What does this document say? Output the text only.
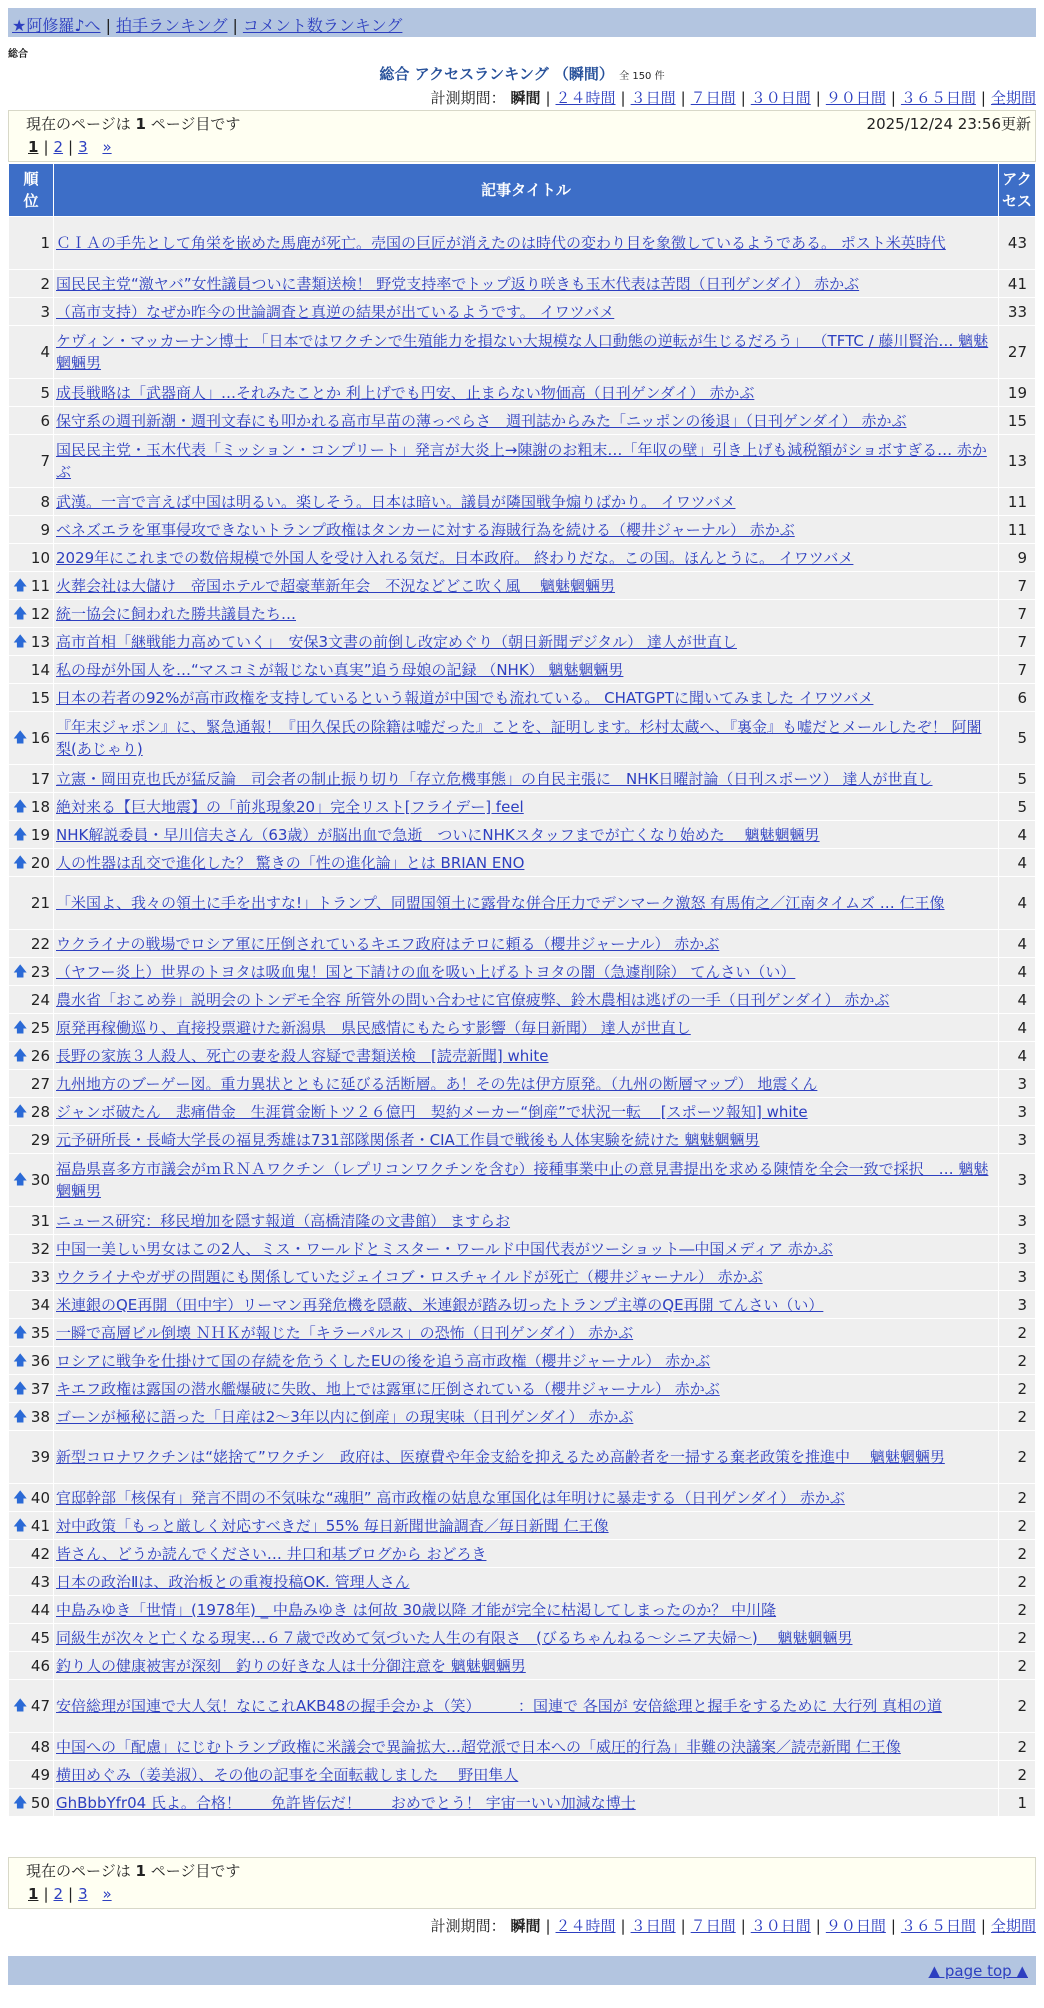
★阿修羅♪へ | 拍手ランキング | コメント数ランキング
総合
総合 アクセスランキング （瞬間） 全 150 件
計測期間： 瞬間 | ２４時間 | ３日間 | ７日間 | ３０日間 | ９０日間 | ３６５日間 | 全期間
現在のページは 1 ページ目です	2025/12/24 23:56更新
1 | 2 | 3 »
順位	記事タイトル	アクセス
1	ＣＩＡの手先として角栄を嵌めた馬鹿が死亡。売国の巨匠が消えたのは時代の変わり目を象徴しているようである。 ポスト米英時代	43
2	国民民主党“激ヤバ”女性議員ついに書類送検！ 野党支持率でトップ返り咲きも玉木代表は苦悶（日刊ゲンダイ） 赤かぶ	41
3	（高市支持）なぜか昨今の世論調査と真逆の結果が出ているようです。 イワツバメ	33
4	ケヴィン・マッカーナン博士 「日本ではワクチンで生殖能力を損ない大規模な人口動態の逆転が生じるだろう」 （TFTC / 藤川賢治… 魑魅魍魎男	27
5	成長戦略は「武器商人」…それみたことか 利上げでも円安、止まらない物価高（日刊ゲンダイ） 赤かぶ	19
6	保守系の週刊新潮・週刊文春にも叩かれる高市早苗の薄っぺらさ　週刊誌からみた「ニッポンの後退」（日刊ゲンダイ） 赤かぶ	15
7	国民民主党・玉木代表「ミッション・コンプリート」発言が大炎上→陳謝のお粗末…「年収の壁」引き上げも減税額がショボすぎる… 赤かぶ	13
8	武漢。一言で言えば中国は明るい。楽しそう。日本は暗い。議員が隣国戦争煽りばかり。 イワツバメ	11
9	ベネズエラを軍事侵攻できないトランプ政権はタンカーに対する海賊行為を続ける（櫻井ジャーナル） 赤かぶ	11
10	2029年にこれまでの数倍規模で外国人を受け入れる気だ。日本政府。 終わりだな。この国。ほんとうに。 イワツバメ	9

🡅 11	火葬会社は大儲け　帝国ホテルで超豪華新年会　不況などどこ吹く風　 魑魅魍魎男	7

🡅 12	統一協会に飼われた勝共議員たち…	7

🡅 13	高市首相「継戦能力高めていく」　安保3文書の前倒し改定めぐり（朝日新聞デジタル） 達人が世直し	7
14	私の母が外国人を…“マスコミが報じない真実”追う母娘の記録 （NHK） 魑魅魍魎男	7
15	日本の若者の92%が高市政権を支持しているという報道が中国でも流れている。 CHATGPTに聞いてみました イワツバメ	6

🡅 16	『年末ジャポン』に、緊急通報！『田久保氏の除籍は嘘だった』ことを、証明します。杉村太蔵へ、『裏金』も嘘だとメールしたぞ！ 阿闍梨(あじゃり)	5
17	立憲・岡田克也氏が猛反論　司会者の制止振り切り「存立危機事態」の自民主張に　NHK日曜討論（日刊スポーツ） 達人が世直し	5

🡅 18	絶対来る【巨大地震】の「前兆現象20」完全リスト[フライデー] feel	5

🡅 19	NHK解説委員・早川信夫さん（63歳）が脳出血で急逝　ついにNHKスタッフまでが亡くなり始めた　 魑魅魍魎男	4

🡅 20	人の性器は乱交で進化した？ 驚きの「性の進化論」とは BRIAN ENO	4
21	「米国よ、我々の領土に手を出すな!」トランプ、同盟国領土に露骨な併合圧力でデンマーク激怒 有馬侑之／江南タイムズ … 仁王像	4
22	ウクライナの戦場でロシア軍に圧倒されているキエフ政府はテロに頼る（櫻井ジャーナル） 赤かぶ	4

🡅 23	（ヤフー炎上）世界のトヨタは吸血鬼！国と下請けの血を吸い上げるトヨタの闇（急遽削除） てんさい（い）	4
24	農水省「おこめ券」説明会のトンデモ全容 所管外の問い合わせに官僚疲弊、鈴木農相は逃げの一手（日刊ゲンダイ） 赤かぶ	4

🡅 25	原発再稼働巡り、直接投票避けた新潟県　県民感情にもたらす影響（毎日新聞） 達人が世直し	4

🡅 26	長野の家族３人殺人、死亡の妻を殺人容疑で書類送検　[読売新聞] white	4
27	九州地方のブーゲー図。重力異状とともに延びる活断層。あ！その先は伊方原発。（九州の断層マップ） 地震くん	3

🡅 28	ジャンボ破たん　悲痛借金　生涯賞金断トツ２６億円　契約メーカー“倒産”で状況一転　 [スポーツ報知] white	3
29	元予研所長・長崎大学長の福見秀雄は731部隊関係者・CIA工作員で戦後も人体実験を続けた 魑魅魍魎男	3

🡅 30	福島県喜多方市議会がｍＲＮＡワクチン（レプリコンワクチンを含む）接種事業中止の意見書提出を求める陳情を全会一致で採択　… 魑魅魍魎男	3
31	ニュース研究：移民増加を隠す報道（高橋清隆の文書館） ますらお	3
32	中国一美しい男女はこの2人、ミス・ワールドとミスター・ワールド中国代表がツーショット―中国メディア 赤かぶ	3
33	ウクライナやガザの問題にも関係していたジェイコブ・ロスチャイルドが死亡（櫻井ジャーナル） 赤かぶ	3
34	米連銀のQE再開（田中宇）リーマン再発危機を隠蔽、米連銀が踏み切ったトランプ主導のQE再開 てんさい（い）	3

🡅 35	一瞬で高層ビル倒壊 ＮＨＫが報じた「キラーパルス」の恐怖（日刊ゲンダイ） 赤かぶ	2

🡅 36	ロシアに戦争を仕掛けて国の存続を危うくしたEUの後を追う高市政権（櫻井ジャーナル） 赤かぶ	2

🡅 37	キエフ政権は露国の潜水艦爆破に失敗、地上では露軍に圧倒されている（櫻井ジャーナル） 赤かぶ	2

🡅 38	ゴーンが極秘に語った「日産は2～3年以内に倒産」の現実味（日刊ゲンダイ） 赤かぶ	2
39	新型コロナワクチンは“姥捨て”ワクチン　政府は、医療費や年金支給を抑えるため高齢者を一掃する棄老政策を推進中　 魑魅魍魎男	2

🡅 40	官邸幹部「核保有」発言不問の不気味な“魂胆” 高市政権の姑息な軍国化は年明けに暴走する（日刊ゲンダイ） 赤かぶ	2

🡅 41	対中政策「もっと厳しく対応すべきだ」55% 毎日新聞世論調査／毎日新聞 仁王像	2
42	皆さん、どうか読んでください… 井口和基ブログから おどろき	2
43	日本の政治Ⅱは、政治板との重複投稿OK. 管理人さん	2
44	中島みゆき「世情」(1978年) _ 中島みゆき は何故 30歳以降 才能が完全に枯渇してしまったのか？ 中川隆	2
45	同級生が次々と亡くなる現実…６７歳で改めて気づいた人生の有限さ　(びるちゃんねる〜シニア夫婦〜)　 魑魅魍魎男	2
46	釣り人の健康被害が深刻　釣りの好きな人は十分御注意を 魑魅魍魎男	2

🡅 47	安倍総理が国連で大人気！なにこれAKB48の握手会かよ（笑）　　　：国連で 各国が 安倍総理と握手をするために 大行列 真相の道	2
48	中国への「配慮」にじむトランプ政権に米議会で異論拡大…超党派で日本への「威圧的行為」非難の決議案／読売新聞 仁王像	2
49	横田めぐみ（姜美淑）、その他の記事を全面転載しました　 野田隼人	2

🡅 50	GhBbbYfr04 氏よ。合格！　　免許皆伝だ！　　おめでとう！ 宇宙一いい加減な博士	1
現在のページは 1 ページ目です
1 | 2 | 3 »
計測期間： 瞬間 | ２４時間 | ３日間 | ７日間 | ３０日間 | ９０日間 | ３６５日間 | 全期間
▲ page top ▲
